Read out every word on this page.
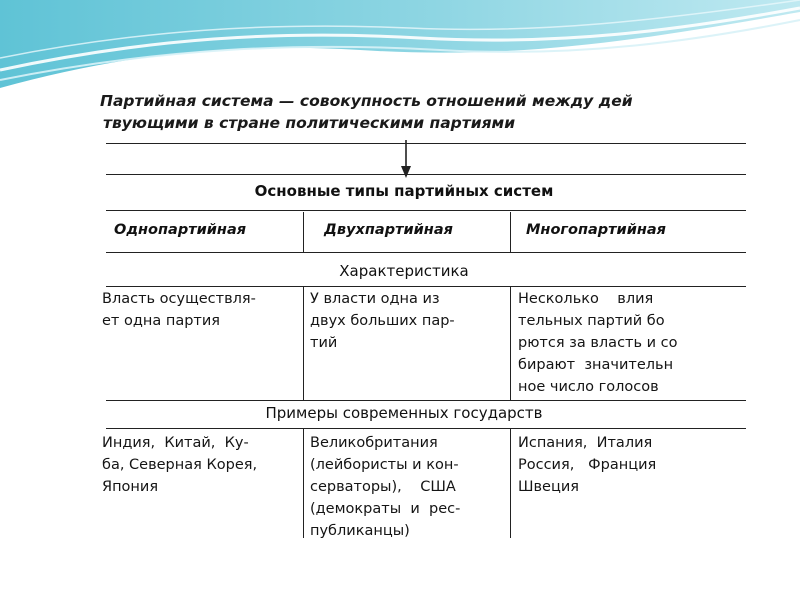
Партийная система — совокупность отношений между дей
твующими в стране политическими партиями
Основные типы партийных систем
Однопартийная	Двухпартийная	Многопартийная
Характеристика
Власть осуществля-
ет одна партия
У власти одна из
двух больших пар-
тий
Несколько    влия
тельных партий бо
рются за власть и со
бирают  значительн
ное число голосов
Примеры современных государств
Индия,  Китай,  Ку-
ба, Северная Корея,
Япония
Великобритания
(лейбористы и кон-
серваторы),    США
(демократы  и  рес-
публиканцы)
Испания,  Италия
Россия,   Франция
Швеция
